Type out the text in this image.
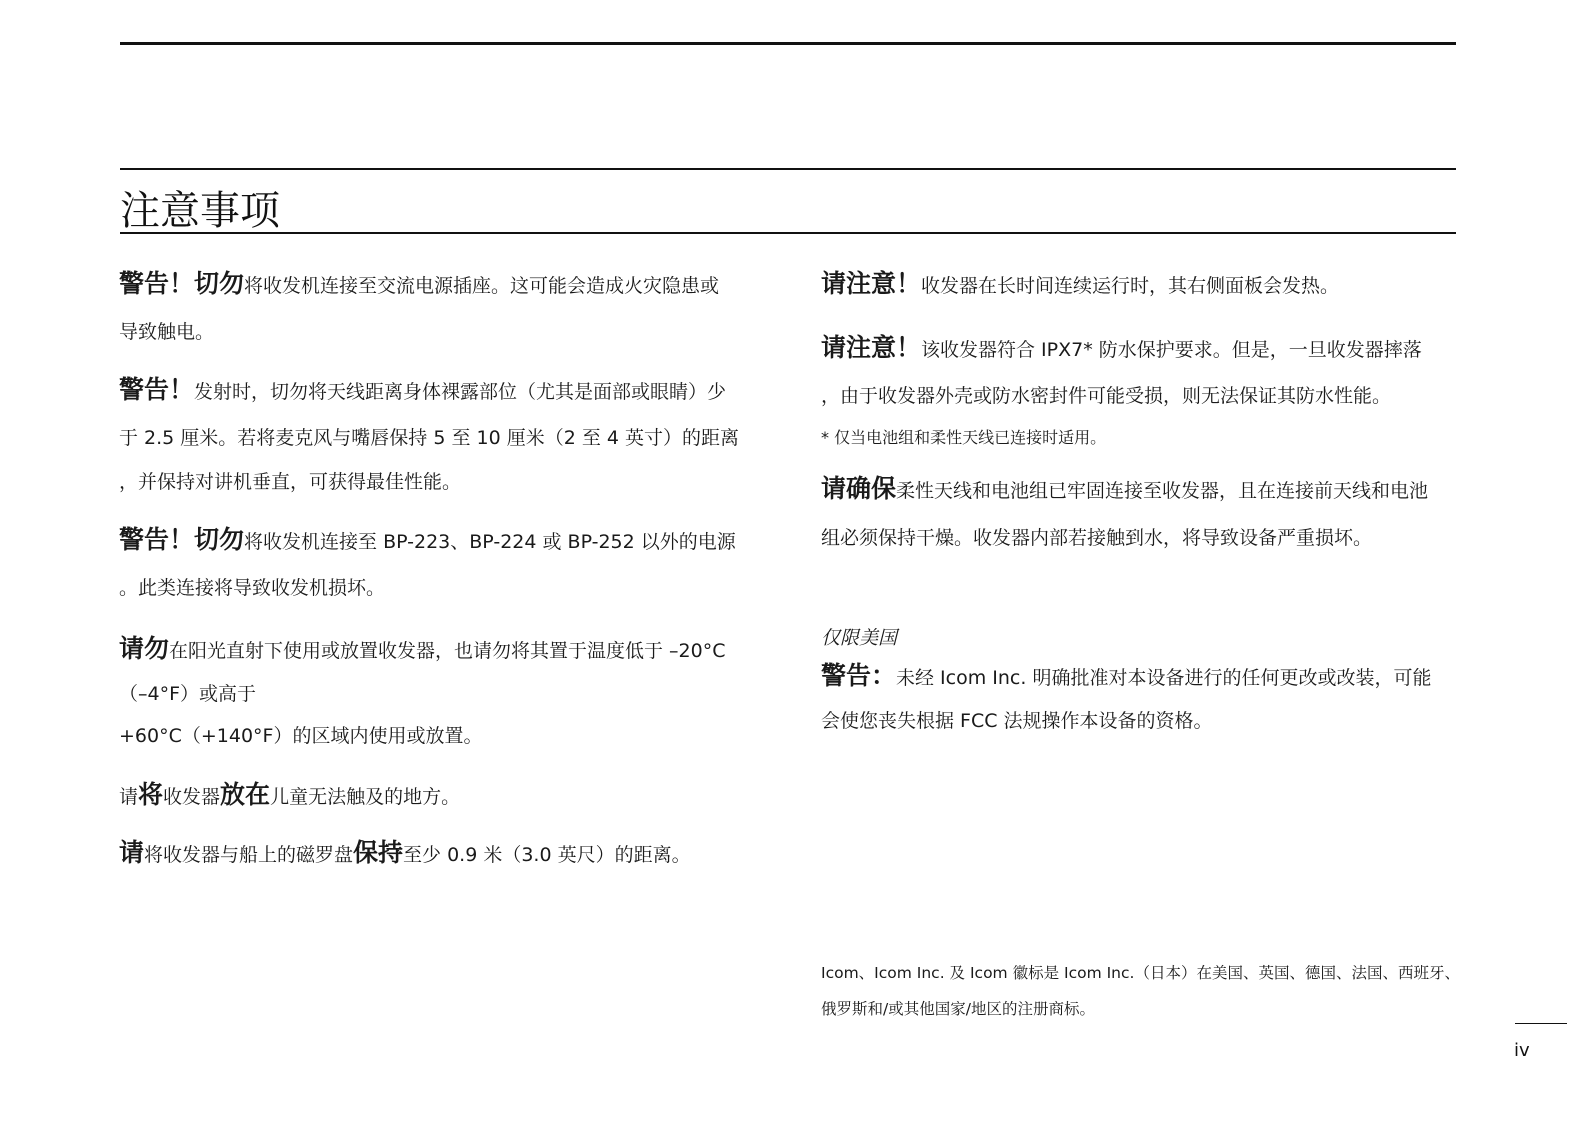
注意事项
警告！切勿将收发机连接至交流电源插座。这可能会造成火灾隐患或
导致触电。
警告！发射时，切勿将天线距离身体裸露部位（尤其是面部或眼睛）少
于 2.5 厘米。若将麦克风与嘴唇保持 5 至 10 厘米（2 至 4 英寸）的距离
，并保持对讲机垂直，可获得最佳性能。
警告！切勿将收发机连接至 BP-223、BP-224 或 BP-252 以外的电源
。此类连接将导致收发机损坏。
请勿在阳光直射下使用或放置收发器，也请勿将其置于温度低于 –20°C
（–4°F）或高于
+60°C（+140°F）的区域内使用或放置。
请将收发器放在儿童无法触及的地方。
请将收发器与船上的磁罗盘保持至少 0.9 米（3.0 英尺）的距离。
请注意！收发器在长时间连续运行时，其右侧面板会发热。
请注意！该收发器符合 IPX7* 防水保护要求。但是，一旦收发器摔落
，由于收发器外壳或防水密封件可能受损，则无法保证其防水性能。
* 仅当电池组和柔性天线已连接时适用。
请确保柔性天线和电池组已牢固连接至收发器，且在连接前天线和电池
组必须保持干燥。收发器内部若接触到水，将导致设备严重损坏。
仅限美国
警告：未经 Icom Inc. 明确批准对本设备进行的任何更改或改装，可能
会使您丧失根据 FCC 法规操作本设备的资格。
Icom、Icom Inc. 及 Icom 徽标是 Icom Inc.（日本）在美国、英国、德国、法国、西班牙、
俄罗斯和/或其他国家/地区的注册商标。
iv
